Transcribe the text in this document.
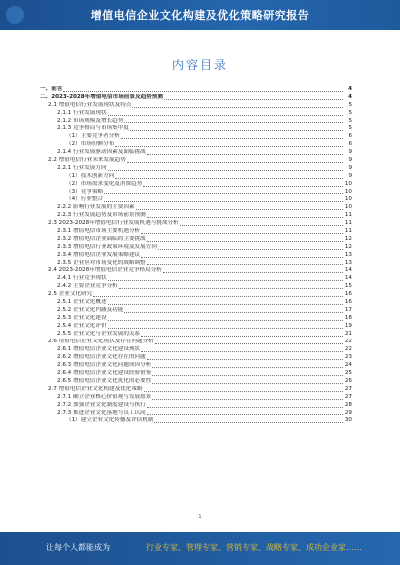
增值电信企业文化构建及优化策略研究报告
内容目录
一、前言	4
二、2023-2028年增值电信市场前景及趋势预测	4
2.1 增值电信行业发展现状及特点	5
2.1.1 行业发展现状	5
2.1.2 市场规模及增长趋势	5
2.1.3 竞争格局与市场集中度	5
（1）主要竞争者分析	6
（2）市场份额分布	6
2.1.4 行业发展驱动因素及面临挑战	9
2.2 增值电信行业未来发展趋势	9
2.2.1 行业发展方向	9
（1）技术创新方向	9
（2）市场需求变化及消费趋势	10
（3）竞争策略	10
（4）行业整合	10
2.2.2 影响行业发展的主要因素	10
2.2.3 行业发展趋势及市场前景预测	11
2.3 2023-2028年增值电信行业发展机遇与挑战分析	11
2.3.1 增值电信市场主要机遇分析	11
2.3.2 增值电信企业面临的主要挑战	12
2.3.3 增值电信行业政策环境及发展方向	12
2.3.4 增值电信企业发展策略建议	13
2.3.5 企业应对市场变化的战略调整	13
2.4 2023-2028年增值电信企业竞争格局分析	14
2.4.1 行业竞争现状	14
2.4.2 主要企业竞争分析	15
2.5 企业文化研究	16
2.5.1 企业文化概述	16
2.5.2 企业文化内涵及功能	17
2.5.3 企业文化建设	18
2.5.4 企业文化评价	19
2.5.5 企业文化与企业发展的关系	21
2.6 增值电信企业文化现状及存在问题分析	22
2.6.1 增值电信企业文化建设现状	22
2.6.2 增值电信企业文化存在的问题	23
2.6.3 增值电信企业文化问题成因分析	24
2.6.4 增值电信企业文化建设经验借鉴	25
2.6.5 增值电信企业文化优化的必要性	26
2.7 增值电信企业文化构建及优化策略	27
2.7.1 确立企业核心价值观与发展愿景	27
2.7.2 加强企业文化制度建设与执行	28
2.7.3 推进企业文化落地与员工认同	29
（1）建立企业文化传播及评估机制	30
1
让每个人都能成为	行业专家、管理专家、营销专家、战略专家、成功企业家……
